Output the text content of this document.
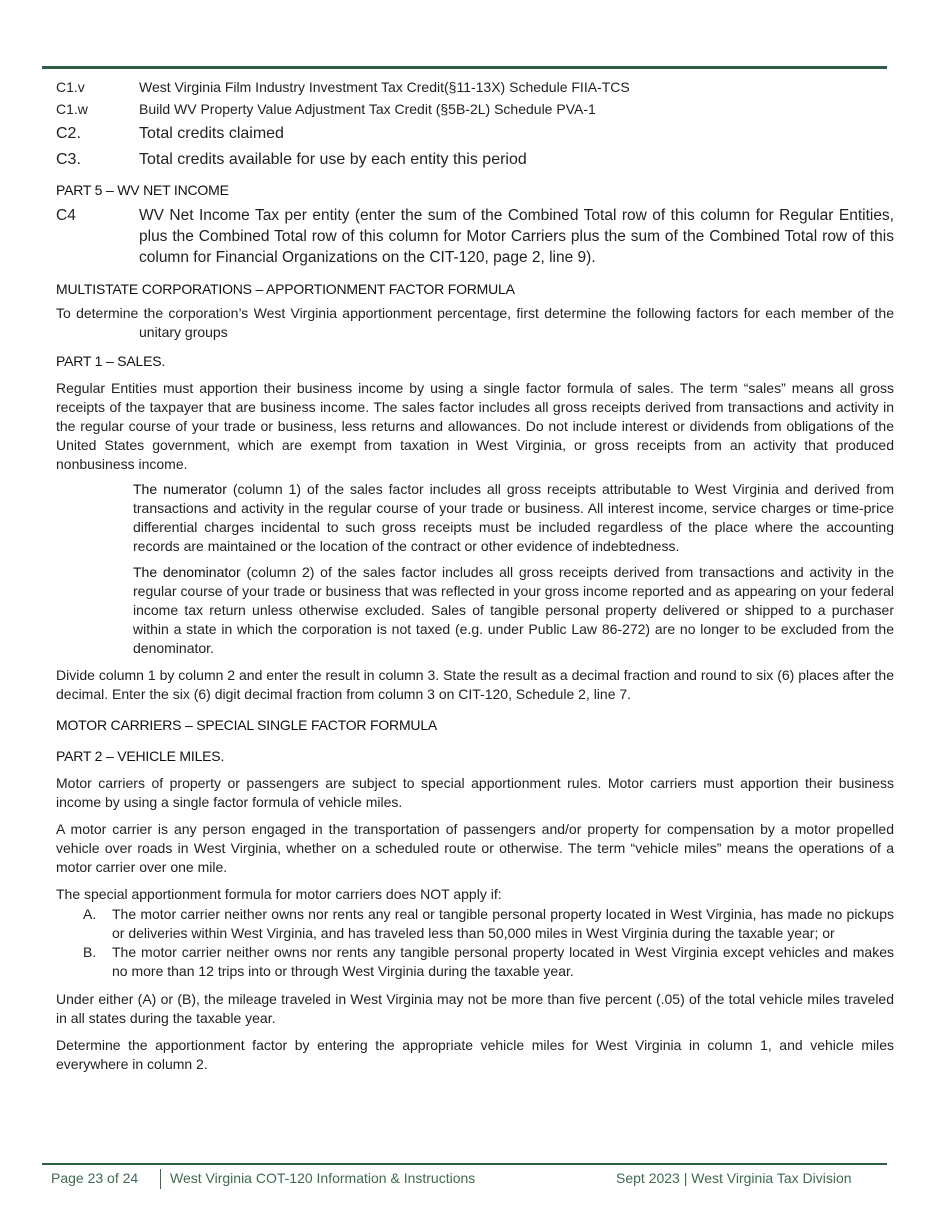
C1.v	West Virginia Film Industry Investment Tax Credit(§11-13X) Schedule FIIA-TCS
C1.w	Build WV Property Value Adjustment Tax Credit (§5B-2L) Schedule PVA-1
C2.	Total credits claimed
C3.	Total credits available for use by each entity this period
PART 5 – WV NET INCOME
C4	WV Net Income Tax per entity (enter the sum of the Combined Total row of this column for Regular Entities, plus the Combined Total row of this column for Motor Carriers plus the sum of the Combined Total row of this column for Financial Organizations on the CIT-120, page 2, line 9).
MULTISTATE CORPORATIONS – APPORTIONMENT FACTOR FORMULA

To determine the corporation’s West Virginia apportionment percentage, first determine the following factors for each member of the unitary groups

PART 1 – SALES.

Regular Entities must apportion their business income by using a single factor formula of sales. The term “sales” means all gross receipts of the taxpayer that are business income. The sales factor includes all gross receipts derived from transactions and activity in the regular course of your trade or business, less returns and allowances. Do not include interest or dividends from obligations of the United States government, which are exempt from taxation in West Virginia, or gross receipts from an activity that produced nonbusiness income.

The numerator (column 1) of the sales factor includes all gross receipts attributable to West Virginia and derived from transactions and activity in the regular course of your trade or business. All interest income, service charges or time-price differential charges incidental to such gross receipts must be included regardless of the place where the accounting records are maintained or the location of the contract or other evidence of indebtedness.

The denominator (column 2) of the sales factor includes all gross receipts derived from transactions and activity in the regular course of your trade or business that was reflected in your gross income reported and as appearing on your federal income tax return unless otherwise excluded. Sales of tangible personal property delivered or shipped to a purchaser within a state in which the corporation is not taxed (e.g. under Public Law 86-272) are no longer to be excluded from the denominator.

Divide column 1 by column 2 and enter the result in column 3. State the result as a decimal fraction and round to six (6) places after the decimal. Enter the six (6) digit decimal fraction from column 3 on CIT-120, Schedule 2, line 7.

MOTOR CARRIERS – SPECIAL SINGLE FACTOR FORMULA
PART 2 – VEHICLE MILES.

Motor carriers of property or passengers are subject to special apportionment rules. Motor carriers must apportion their business income by using a single factor formula of vehicle miles.

A motor carrier is any person engaged in the transportation of passengers and/or property for compensation by a motor propelled vehicle over roads in West Virginia, whether on a scheduled route or otherwise. The term “vehicle miles” means the operations of a motor carrier over one mile.

The special apportionment formula for motor carriers does NOT apply if:

A.	The motor carrier neither owns nor rents any real or tangible personal property located in West Virginia, has made no pickups or deliveries within West Virginia, and has traveled less than 50,000 miles in West Virginia during the taxable year; or
B.	The motor carrier neither owns nor rents any tangible personal property located in West Virginia except vehicles and makes no more than 12 trips into or through West Virginia during the taxable year.

Under either (A) or (B), the mileage traveled in West Virginia may not be more than five percent (.05) of the total vehicle miles traveled in all states during the taxable year.

Determine the apportionment factor by entering the appropriate vehicle miles for West Virginia in column 1, and vehicle miles everywhere in column 2.

Page 23 of 24 West Virginia COT-120 Information & Instructions	Sept 2023 | West Virginia Tax Division
